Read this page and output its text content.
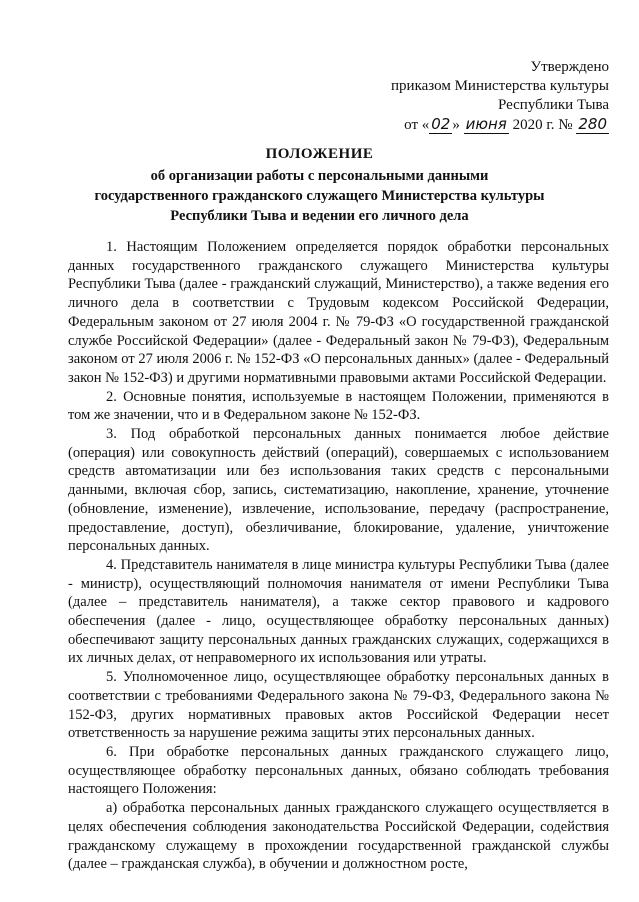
Утверждено
приказом Министерства культуры
Республики Тыва
от « 02 » июня 2020 г. № 280
ПОЛОЖЕНИЕ
об организации работы с персональными данными
государственного гражданского служащего Министерства культуры
Республики Тыва и ведении его личного дела

1. Настоящим Положением определяется порядок обработки персональных данных государственного гражданского служащего Министерства культуры Республики Тыва (далее - гражданский служащий, Министерство), а также ведения его личного дела в соответствии с Трудовым кодексом Российской Федерации, Федеральным законом от 27 июля 2004 г. № 79-ФЗ «О государственной гражданской службе Российской Федерации» (далее - Федеральный закон № 79-ФЗ), Федеральным законом от 27 июля 2006 г. № 152-ФЗ «О персональных данных» (далее - Федеральный закон № 152-ФЗ) и другими нормативными правовыми актами Российской Федерации.

2. Основные понятия, используемые в настоящем Положении, применяются в том же значении, что и в Федеральном законе № 152-ФЗ.

3. Под обработкой персональных данных понимается любое действие (операция) или совокупность действий (операций), совершаемых с использованием средств автоматизации или без использования таких средств с персональными данными, включая сбор, запись, систематизацию, накопление, хранение, уточнение (обновление, изменение), извлечение, использование, передачу (распространение, предоставление, доступ), обезличивание, блокирование, удаление, уничтожение персональных данных.

4. Представитель нанимателя в лице министра культуры Республики Тыва (далее - министр), осуществляющий полномочия нанимателя от имени Республики Тыва (далее – представитель нанимателя), а также сектор правового и кадрового обеспечения (далее - лицо, осуществляющее обработку персональных данных) обеспечивают защиту персональных данных гражданских служащих, содержащихся в их личных делах, от неправомерного их использования или утраты.

5. Уполномоченное лицо, осуществляющее обработку персональных данных в соответствии с требованиями Федерального закона № 79-ФЗ, Федерального закона № 152-ФЗ, других нормативных правовых актов Российской Федерации несет ответственность за нарушение режима защиты этих персональных данных.

6. При обработке персональных данных гражданского служащего лицо, осуществляющее обработку персональных данных, обязано соблюдать требования настоящего Положения:

а) обработка персональных данных гражданского служащего осуществляется в целях обеспечения соблюдения законодательства Российской Федерации, содействия гражданскому служащему в прохождении государственной гражданской службы (далее – гражданская служба), в обучении и должностном росте,
